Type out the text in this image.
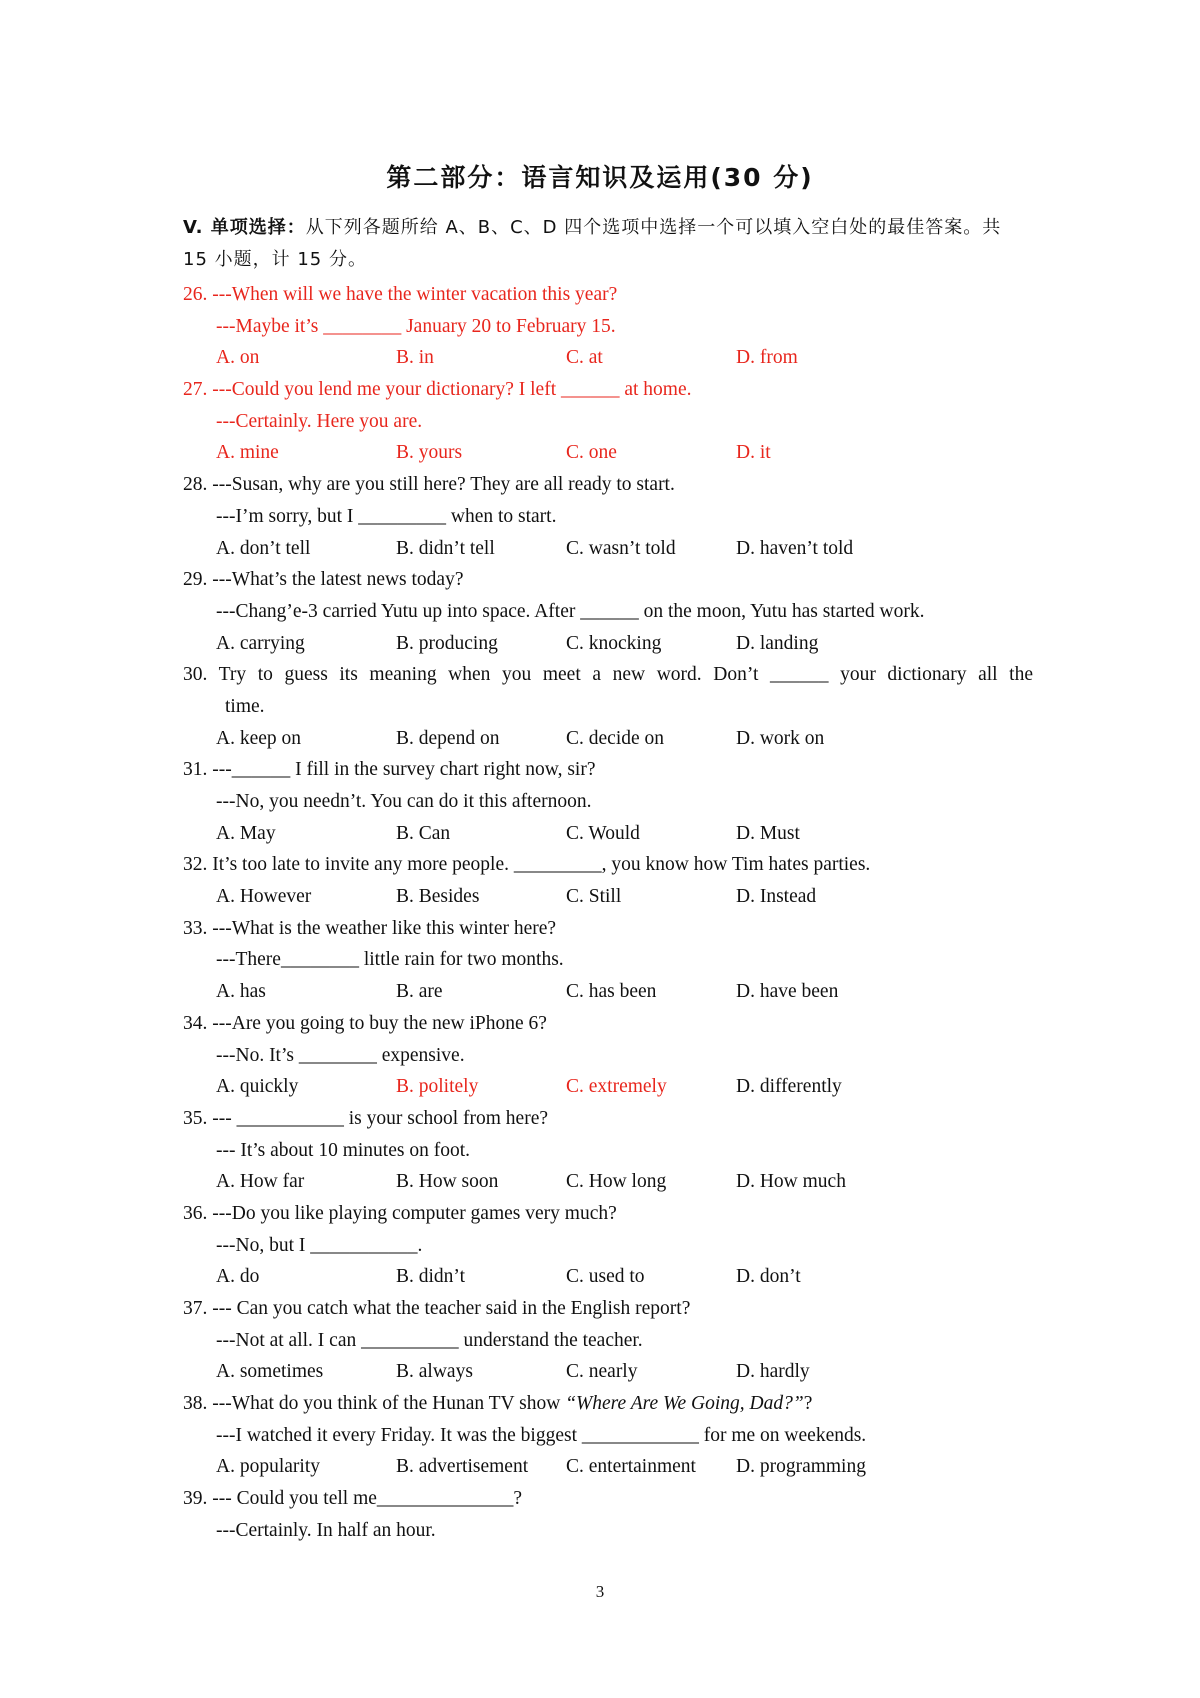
第二部分：语言知识及运用(30 分)
V. 单项选择：从下列各题所给 A、B、C、D 四个选项中选择一个可以填入空白处的最佳答案。共 15 小题，计 15 分。
26. ---When will we have the winter vacation this year?
---Maybe it’s ________ January 20 to February 15.
A. on	B. in	C. at	D. from
27. ---Could you lend me your dictionary? I left ______ at home.
---Certainly. Here you are.
A. mine	B. yours	C. one	D. it
28. ---Susan, why are you still here? They are all ready to start.
---I’m sorry, but I _________ when to start.
A. don’t tell	B. didn’t tell	C. wasn’t told	D. haven’t told
29. ---What’s the latest news today?
---Chang’e-3 carried Yutu up into space. After ______ on the moon, Yutu has started work.
A. carrying	B. producing	C. knocking	D. landing
30. Try to guess its meaning when you meet a new word. Don’t ______ your dictionary all the
time.
A. keep on	B. depend on	C. decide on	D. work on
31. ---______ I fill in the survey chart right now, sir?
---No, you needn’t. You can do it this afternoon.
A. May	B. Can	C. Would	D. Must
32. It’s too late to invite any more people. _________, you know how Tim hates parties.
A. However	B. Besides	C. Still	D. Instead
33. ---What is the weather like this winter here?
---There________ little rain for two months.
A. has	B. are	C. has been	D. have been
34. ---Are you going to buy the new iPhone 6?
---No. It’s ________ expensive.
A. quickly	B. politely	C. extremely	D. differently
35. --- ___________ is your school from here?
--- It’s about 10 minutes on foot.
A. How far	B. How soon	C. How long	D. How much
36. ---Do you like playing computer games very much?
---No, but I ___________.
A. do	B. didn’t	C. used to	D. don’t
37. --- Can you catch what the teacher said in the English report?
---Not at all. I can __________ understand the teacher.
A. sometimes	B. always	C. nearly	D. hardly
38. ---What do you think of the Hunan TV show “Where Are We Going, Dad?”?
---I watched it every Friday. It was the biggest ____________ for me on weekends.
A. popularity	B. advertisement C. entertainment D. programming
39. --- Could you tell me______________?
---Certainly. In half an hour.
3
